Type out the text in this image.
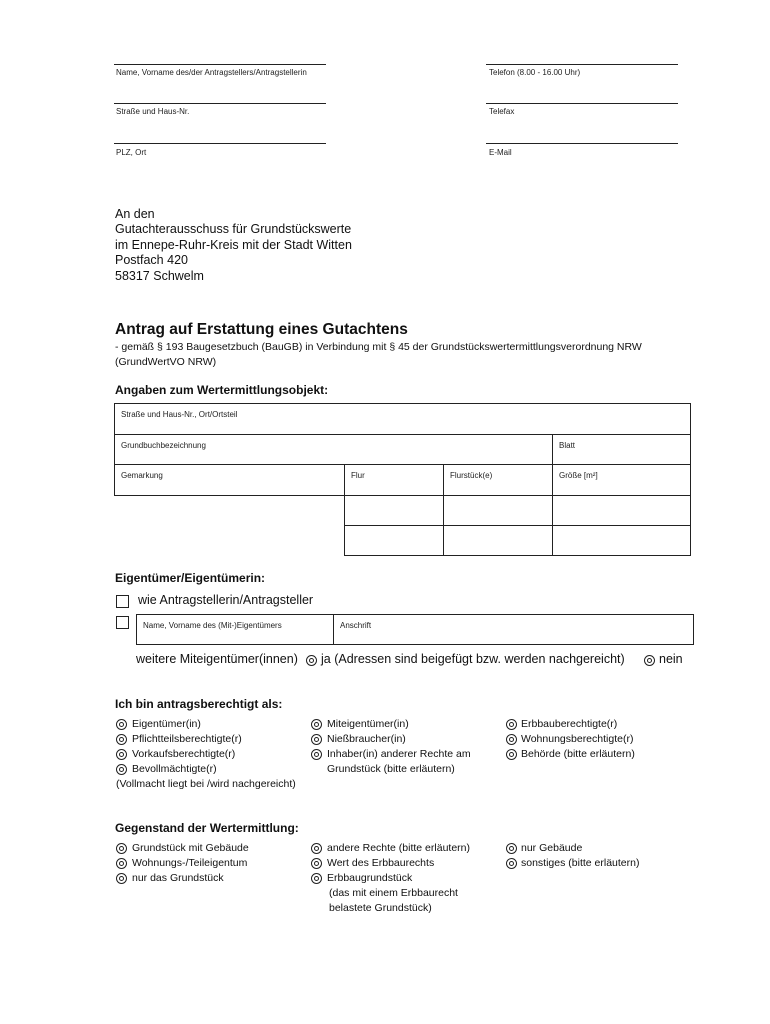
Name, Vorname des/der Antragstellers/Antragstellerin	Telefon (8.00 - 16.00 Uhr)
Straße und Haus-Nr.	Telefax
PLZ, Ort	E-Mail
An den
Gutachterausschuss für Grundstückswerte
im Ennepe-Ruhr-Kreis mit der Stadt Witten
Postfach 420
58317 Schwelm
Antrag auf Erstattung eines Gutachtens
- gemäß § 193 Baugesetzbuch (BauGB) in Verbindung mit § 45 der Grundstückswertermittlungsverordnung NRW
(GrundWertVO NRW)
Angaben zum Wertermittlungsobjekt:
Straße und Haus-Nr., Ort/Ortsteil
Grundbuchbezeichnung	Blatt
Gemarkung	Flur	Flurstück(e)	Größe [m²]
Eigentümer/Eigentümerin:
wie Antragstellerin/Antragsteller
Name, Vorname des (Mit-)Eigentümers	Anschrift
weitere Miteigentümer(innen) ja (Adressen sind beigefügt bzw. werden nachgereicht)	nein
Ich bin antragsberechtigt als:
Eigentümer(in)
Pflichtteilsberechtigte(r)
Vorkaufsberechtigte(r)
Bevollmächtigte(r)
(Vollmacht liegt bei /wird nachgereicht)
Miteigentümer(in)
Nießbraucher(in)
Inhaber(in) anderer Rechte am
Grundstück (bitte erläutern)
Erbbauberechtigte(r)
Wohnungsberechtigte(r)
Behörde (bitte erläutern)
Gegenstand der Wertermittlung:
Grundstück mit Gebäude
Wohnungs-/Teileigentum
nur das Grundstück
andere Rechte (bitte erläutern)
Wert des Erbbaurechts
Erbbaugrundstück
(das mit einem Erbbaurecht
belastete Grundstück)
nur Gebäude
sonstiges (bitte erläutern)
